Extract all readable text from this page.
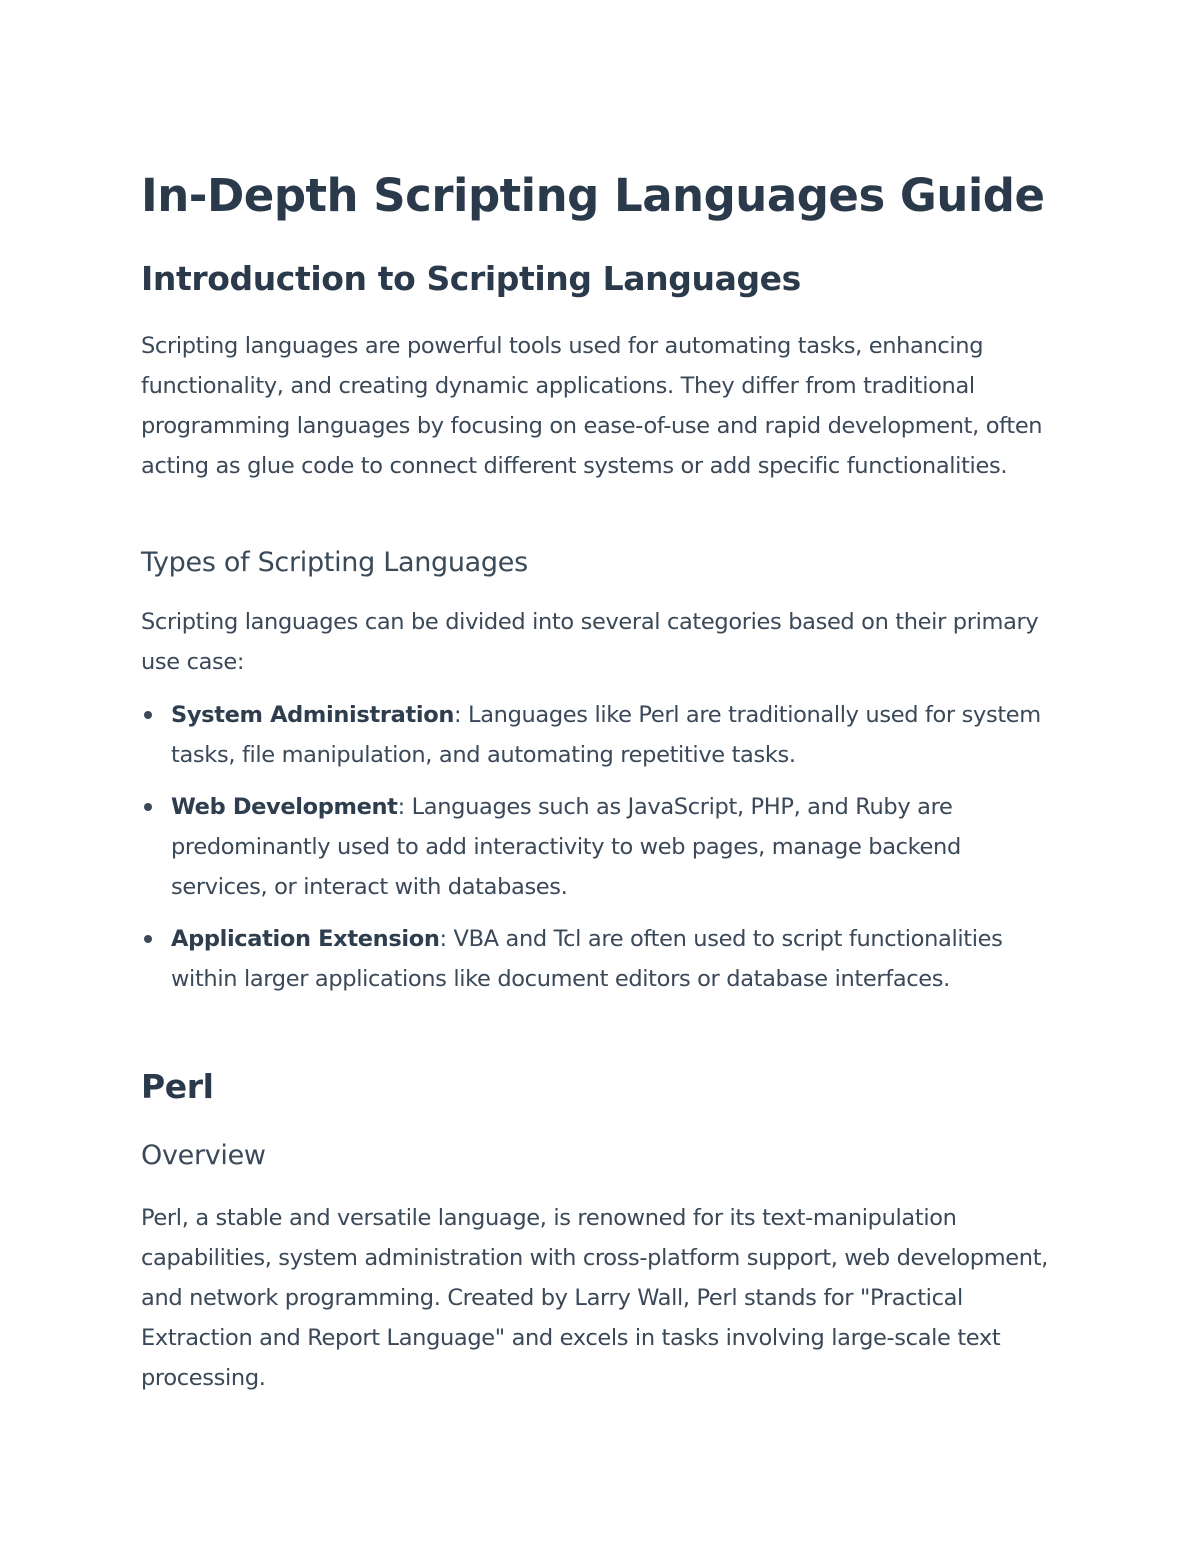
In-Depth Scripting Languages Guide
Introduction to Scripting Languages

Scripting languages are powerful tools used for automating tasks, enhancing functionality, and creating dynamic applications. They differ from traditional programming languages by focusing on ease-of-use and rapid development, often acting as glue code to connect different systems or add specific functionalities.

Types of Scripting Languages

Scripting languages can be divided into several categories based on their primary use case:

System Administration: Languages like Perl are traditionally used for system tasks, file manipulation, and automating repetitive tasks.
Web Development: Languages such as JavaScript, PHP, and Ruby are predominantly used to add interactivity to web pages, manage backend services, or interact with databases.
Application Extension: VBA and Tcl are often used to script functionalities within larger applications like document editors or database interfaces.
Perl
Overview

Perl, a stable and versatile language, is renowned for its text-manipulation capabilities, system administration with cross-platform support, web development, and network programming. Created by Larry Wall, Perl stands for "Practical Extraction and Report Language" and excels in tasks involving large-scale text processing.
